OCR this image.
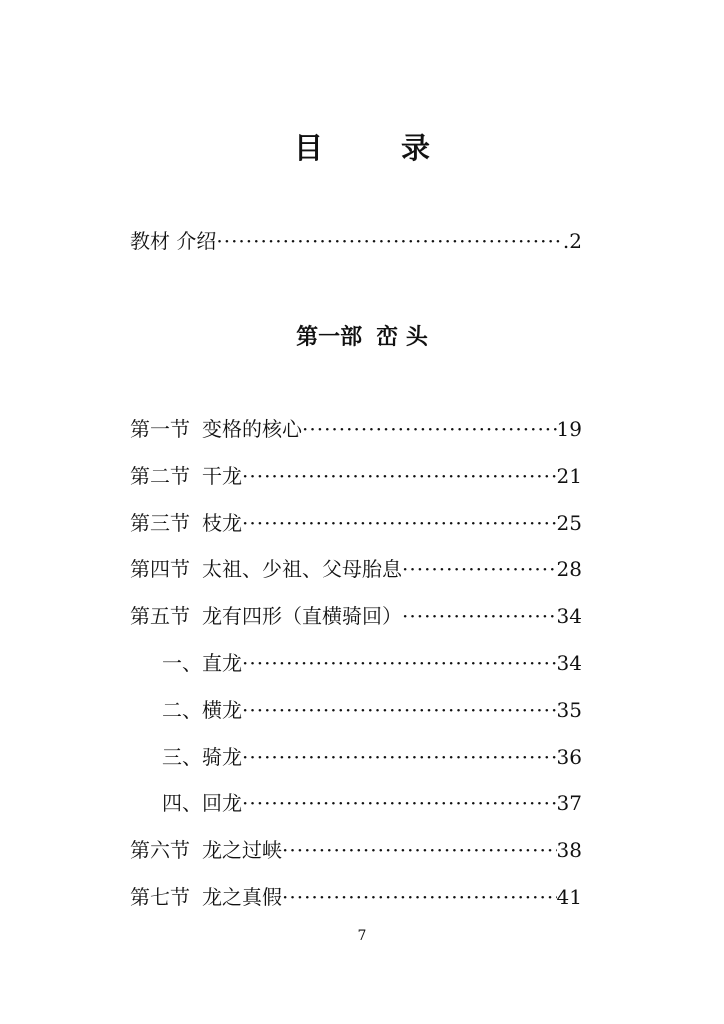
目 录
教材 介绍 ·····	.2
第一部 峦 头
第一节 变格的核心 ·····	19
第二节 干龙 ·····	21
第三节 枝龙 ·····	25
第四节 太祖、少祖、父母胎息 ·····	28
第五节 龙有四形（直横骑回） ·····	34
一、 直龙 ·····	34
二、 横龙 ·····	35
三、 骑龙 ·····	36
四、 回龙 ·····	37
第六节 龙之过峡 ·····	38
第七节 龙之真假 ·····	41
7
